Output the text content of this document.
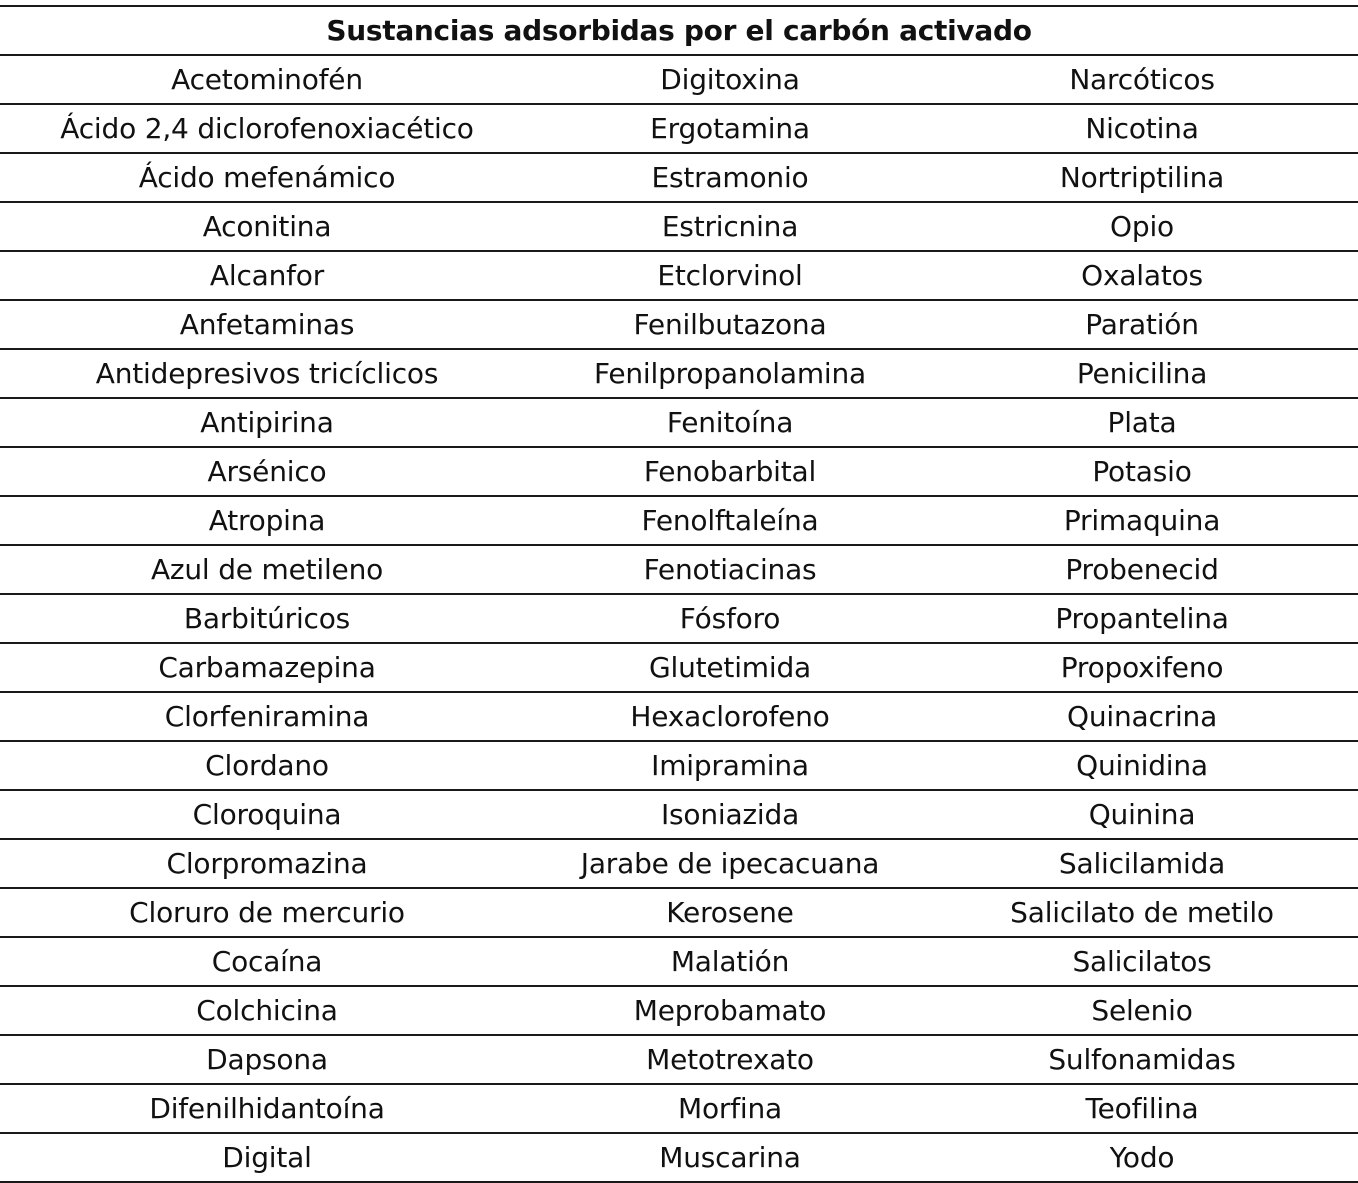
Sustancias adsorbidas por el carbón activado		
Acetominofén	Digitoxina	Narcóticos
Ácido 2,4 diclorofenoxiacético	Ergotamina	Nicotina
Ácido mefenámico	Estramonio	Nortriptilina
Aconitina	Estricnina	Opio
Alcanfor	Etclorvinol	Oxalatos
Anfetaminas	Fenilbutazona	Paratión
Antidepresivos tricíclicos	Fenilpropanolamina	Penicilina
Antipirina	Fenitoína	Plata
Arsénico	Fenobarbital	Potasio
Atropina	Fenolftaleína	Primaquina
Azul de metileno	Fenotiacinas	Probenecid
Barbitúricos	Fósforo	Propantelina
Carbamazepina	Glutetimida	Propoxifeno
Clorfeniramina	Hexaclorofeno	Quinacrina
Clordano	Imipramina	Quinidina
Cloroquina	Isoniazida	Quinina
Clorpromazina	Jarabe de ipecacuana	Salicilamida
Cloruro de mercurio	Kerosene	Salicilato de metilo
Cocaína	Malatión	Salicilatos
Colchicina	Meprobamato	Selenio
Dapsona	Metotrexato	Sulfonamidas
Difenilhidantoína	Morfina	Teofilina
Digital	Muscarina	Yodo
